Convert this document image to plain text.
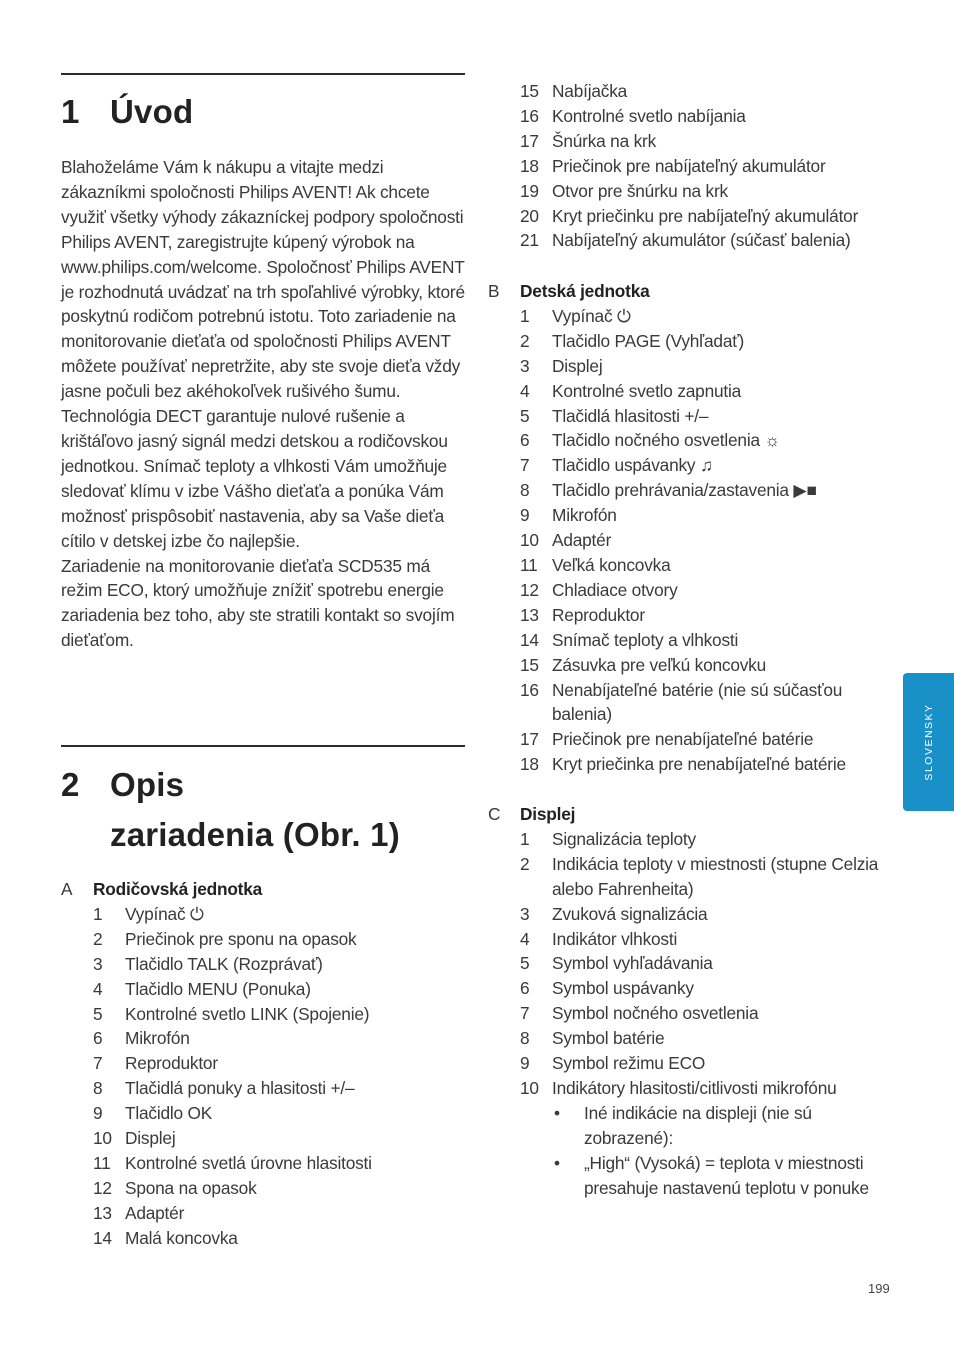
1 Úvod

Blahoželáme Vám k nákupu a vitajte medzi zákazníkmi spoločnosti Philips AVENT! Ak chcete využiť všetky výhody zákazníckej podpory spoločnosti Philips AVENT, zaregistrujte kúpený výrobok na www.philips.com/welcome. Spoločnosť Philips AVENT je rozhodnutá uvádzať na trh spoľahlivé výrobky, ktoré poskytnú rodičom potrebnú istotu. Toto zariadenie na monitorovanie dieťaťa od spoločnosti Philips AVENT môžete používať nepretržite, aby ste svoje dieťa vždy jasne počuli bez akéhokoľvek rušivého šumu. Technológia DECT garantuje nulové rušenie a krištáľovo jasný signál medzi detskou a rodičovskou jednotkou. Snímač teploty a vlhkosti Vám umožňuje sledovať klímu v izbe Vášho dieťaťa a ponúka Vám možnosť prispôsobiť nastavenia, aby sa Vaše dieťa cítilo v detskej izbe čo najlepšie.

Zariadenie na monitorovanie dieťaťa SCD535 má režim ECO, ktorý umožňuje znížiť spotrebu energie zariadenia bez toho, aby ste stratili kontakt so svojím dieťaťom.

2 Opis
zariadenia (Obr. 1)
A	Rodičovská jednotka
1	Vypínač ⏻
2	Priečinok pre sponu na opasok
3	Tlačidlo TALK (Rozprávať)
4	Tlačidlo MENU (Ponuka)
5	Kontrolné svetlo LINK (Spojenie)
6	Mikrofón
7	Reproduktor
8	Tlačidlá ponuky a hlasitosti +/–
9	Tlačidlo OK
10 Displej
11 Kontrolné svetlá úrovne hlasitosti
12 Spona na opasok
13 Adaptér
14 Malá koncovka
15 Nabíjačka
16 Kontrolné svetlo nabíjania
17 Šnúrka na krk
18 Priečinok pre nabíjateľný akumulátor
19 Otvor pre šnúrku na krk
20 Kryt priečinku pre nabíjateľný akumulátor
21 Nabíjateľný akumulátor (súčasť balenia)
B	Detská jednotka
1	Vypínač ⏻
2	Tlačidlo PAGE (Vyhľadať)
3	Displej
4	Kontrolné svetlo zapnutia
5	Tlačidlá hlasitosti +/–
6	Tlačidlo nočného osvetlenia ☼
7	Tlačidlo uspávanky ♫
8	Tlačidlo prehrávania/zastavenia ▶■
9	Mikrofón
10 Adaptér
11 Veľká koncovka
12 Chladiace otvory
13 Reproduktor
14 Snímač teploty a vlhkosti
15 Zásuvka pre veľkú koncovku
16 Nenabíjateľné batérie (nie sú súčasťou balenia)
17 Priečinok pre nenabíjateľné batérie
18 Kryt priečinka pre nenabíjateľné batérie
C	Displej
1	Signalizácia teploty
2	Indikácia teploty v miestnosti (stupne Celzia alebo Fahrenheita)
3	Zvuková signalizácia
4	Indikátor vlhkosti
5	Symbol vyhľadávania
6	Symbol uspávanky
7	Symbol nočného osvetlenia
8	Symbol batérie
9	Symbol režimu ECO
10 Indikátory hlasitosti/citlivosti mikrofónu
•	Iné indikácie na displeji (nie sú zobrazené):
•	„High“ (Vysoká) = teplota v miestnosti presahuje nastavenú teplotu v ponuke
SLOVENSKY
199
